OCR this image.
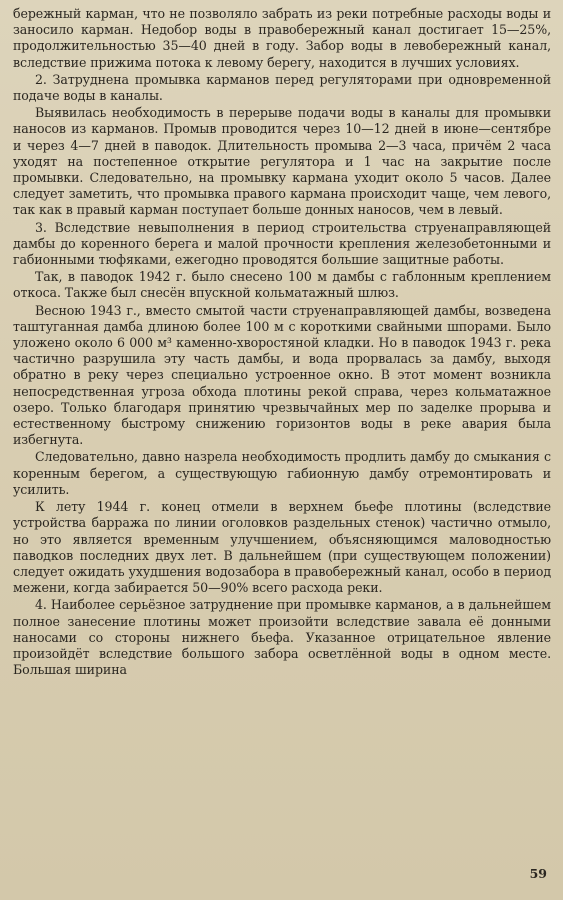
бережный карман, что не позволяло забрать из реки потребные расходы воды и заносило карман. Недобор воды в правобережный канал достигает 15—25%, продолжительностью 35—40 дней в году. Забор воды в левобережный канал, вследствие прижима потока к левому берегу, находится в лучших условиях.

2. Затруднена промывка карманов перед регуляторами при одновременной подаче воды в каналы.

Выявилась необходимость в перерыве подачи воды в каналы для промывки наносов из карманов. Промыв проводится через 10—12 дней в июне—сентябре и через 4—7 дней в паводок. Длительность промыва 2—3 часа, причём 2 часа уходят на постепенное открытие регулятора и 1 час на закрытие после промывки. Следовательно, на промывку кармана уходит около 5 часов. Далее следует заметить, что промывка правого кармана происходит чаще, чем левого, так как в правый карман поступает больше донных наносов, чем в левый.

3. Вследствие невыполнения в период строительства струенаправляющей дамбы до коренного берега и малой прочности крепления железобетонными и габионными тюфяками, ежегодно проводятся большие защитные работы.

Так, в паводок 1942 г. было снесено 100 м дамбы с габлонным креплением откоса. Также был снесён впускной кольматажный шлюз.

Весною 1943 г., вместо смытой части струенаправляющей дамбы, возведена таштуганная дамба длиною более 100 м с короткими свайными шпорами. Было уложено около 6 000 м³ каменно-хворостяной кладки. Но в паводок 1943 г. река частично разрушила эту часть дамбы, и вода прорвалась за дамбу, выходя обратно в реку через специально устроенное окно. В этот момент возникла непосредственная угроза обхода плотины рекой справа, через кольматажное озеро. Только благодаря принятию чрезвычайных мер по заделке прорыва и естественному быстрому снижению горизонтов воды в реке авария была избегнута.

Следовательно, давно назрела необходимость продлить дамбу до смыкания с коренным берегом, а существующую габионную дамбу отремонтировать и усилить.

К лету 1944 г. конец отмели в верхнем бьефе плотины (вследствие устройства барража по линии оголовков раздельных стенок) частично отмыло, но это является временным улучшением, объясняющимся маловодностью паводков последних двух лет. В дальнейшем (при существующем положении) следует ожидать ухудшения водозабора в правобережный канал, особо в период межени, когда забирается 50—90% всего расхода реки.

4. Наиболее серьёзное затруднение при промывке карманов, а в дальнейшем полное занесение плотины может произойти вследствие завала её донными наносами со стороны нижнего бьефа. Указанное отрицательное явление произойдёт вследствие большого забора осветлённой воды в одном месте. Большая ширина

59
